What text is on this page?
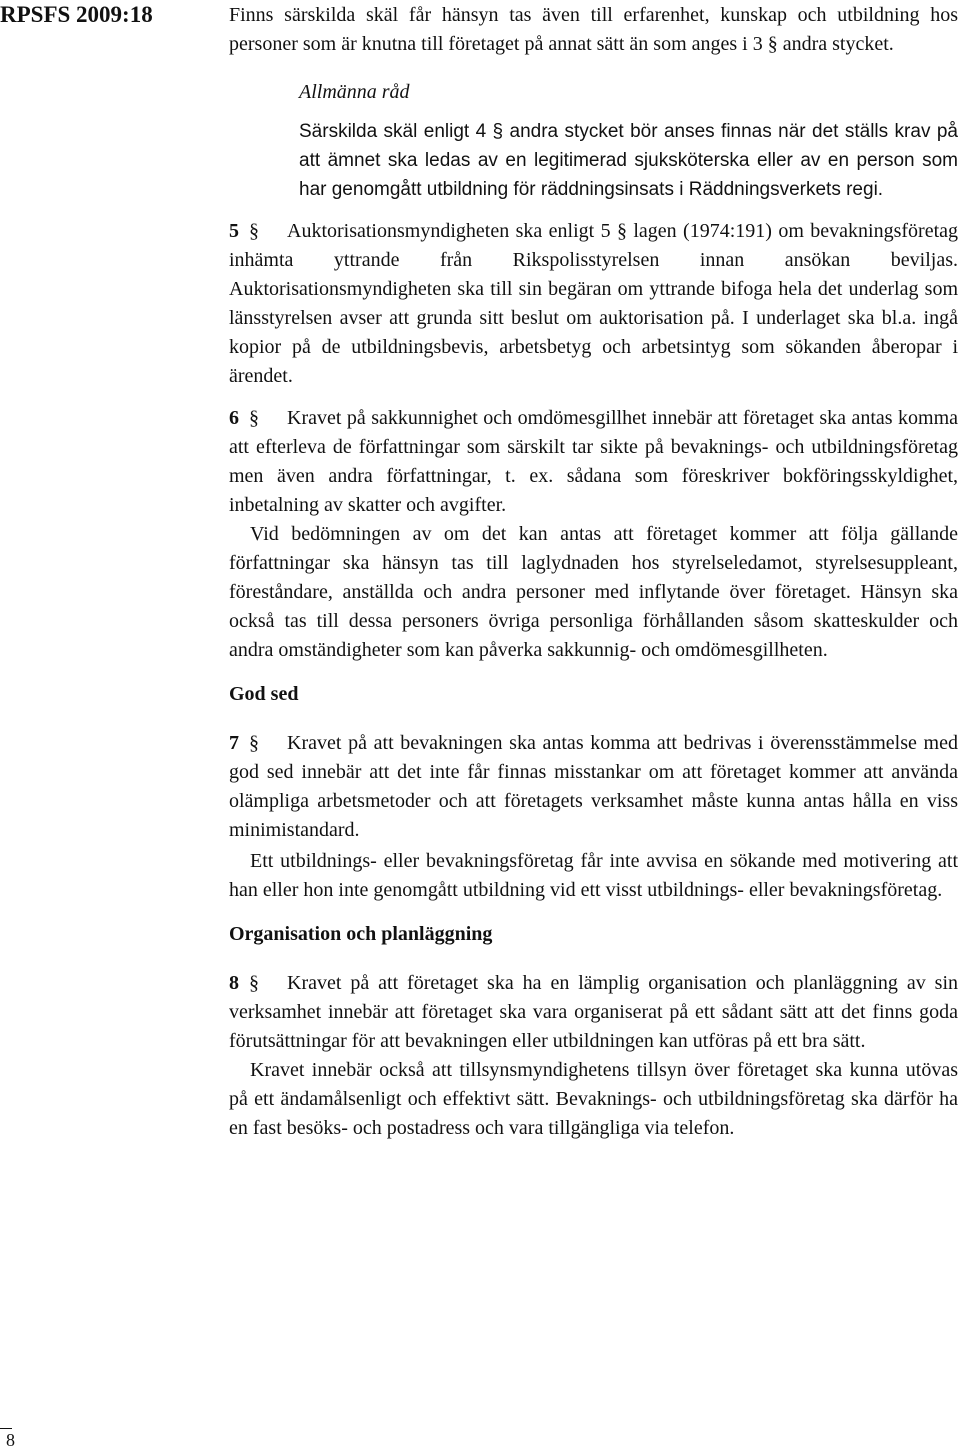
RPSFS 2009:18	Finns särskilda skäl får hänsyn tas även till erfarenhet, kunskap och utbildning hos personer som är knutna till företaget på annat sätt än som anges i 3 § andra stycket.

Allmänna råd

Särskilda skäl enligt 4 § andra stycket bör anses finnas när det ställs krav på att ämnet ska ledas av en legitimerad sjuksköterska eller av en person som har genomgått utbildning för räddningsinsats i Räddningsverkets regi.

5 § Auktorisationsmyndigheten ska enligt 5 § lagen (1974:191) om bevakningsföretag inhämta yttrande från Rikspolisstyrelsen innan ansökan beviljas. Auktorisationsmyndigheten ska till sin begäran om yttrande bifoga hela det underlag som länsstyrelsen avser att grunda sitt beslut om auktorisation på. I underlaget ska bl.a. ingå kopior på de utbildningsbevis, arbetsbetyg och arbetsintyg som sökanden åberopar i ärendet.

6 § Kravet på sakkunnighet och omdömesgillhet innebär att företaget ska antas komma att efterleva de författningar som särskilt tar sikte på bevaknings- och utbildningsföretag men även andra författningar, t. ex. sådana som föreskriver bokföringsskyldighet, inbetalning av skatter och avgifter.

Vid bedömningen av om det kan antas att företaget kommer att följa gällande författningar ska hänsyn tas till laglydnaden hos styrelseledamot, styrelsesuppleant, föreståndare, anställda och andra personer med inflytande över företaget. Hänsyn ska också tas till dessa personers övriga personliga förhållanden såsom skatteskulder och andra omständigheter som kan påverka sakkunnig- och omdömesgillheten.

God sed

7 § Kravet på att bevakningen ska antas komma att bedrivas i överensstämmelse med god sed innebär att det inte får finnas misstankar om att företaget kommer att använda olämpliga arbetsmetoder och att företagets verksamhet måste kunna antas hålla en viss minimistandard.

Ett utbildnings- eller bevakningsföretag får inte avvisa en sökande med motivering att han eller hon inte genomgått utbildning vid ett visst utbildnings- eller bevakningsföretag.

Organisation och planläggning

8 § Kravet på att företaget ska ha en lämplig organisation och planläggning av sin verksamhet innebär att företaget ska vara organiserat på ett sådant sätt att det finns goda förutsättningar för att bevakningen eller utbildningen kan utföras på ett bra sätt.

Kravet innebär också att tillsynsmyndighetens tillsyn över företaget ska kunna utövas på ett ändamålsenligt och effektivt sätt. Bevaknings- och utbildningsföretag ska därför ha en fast besöks- och postadress och vara tillgängliga via telefon.

8
